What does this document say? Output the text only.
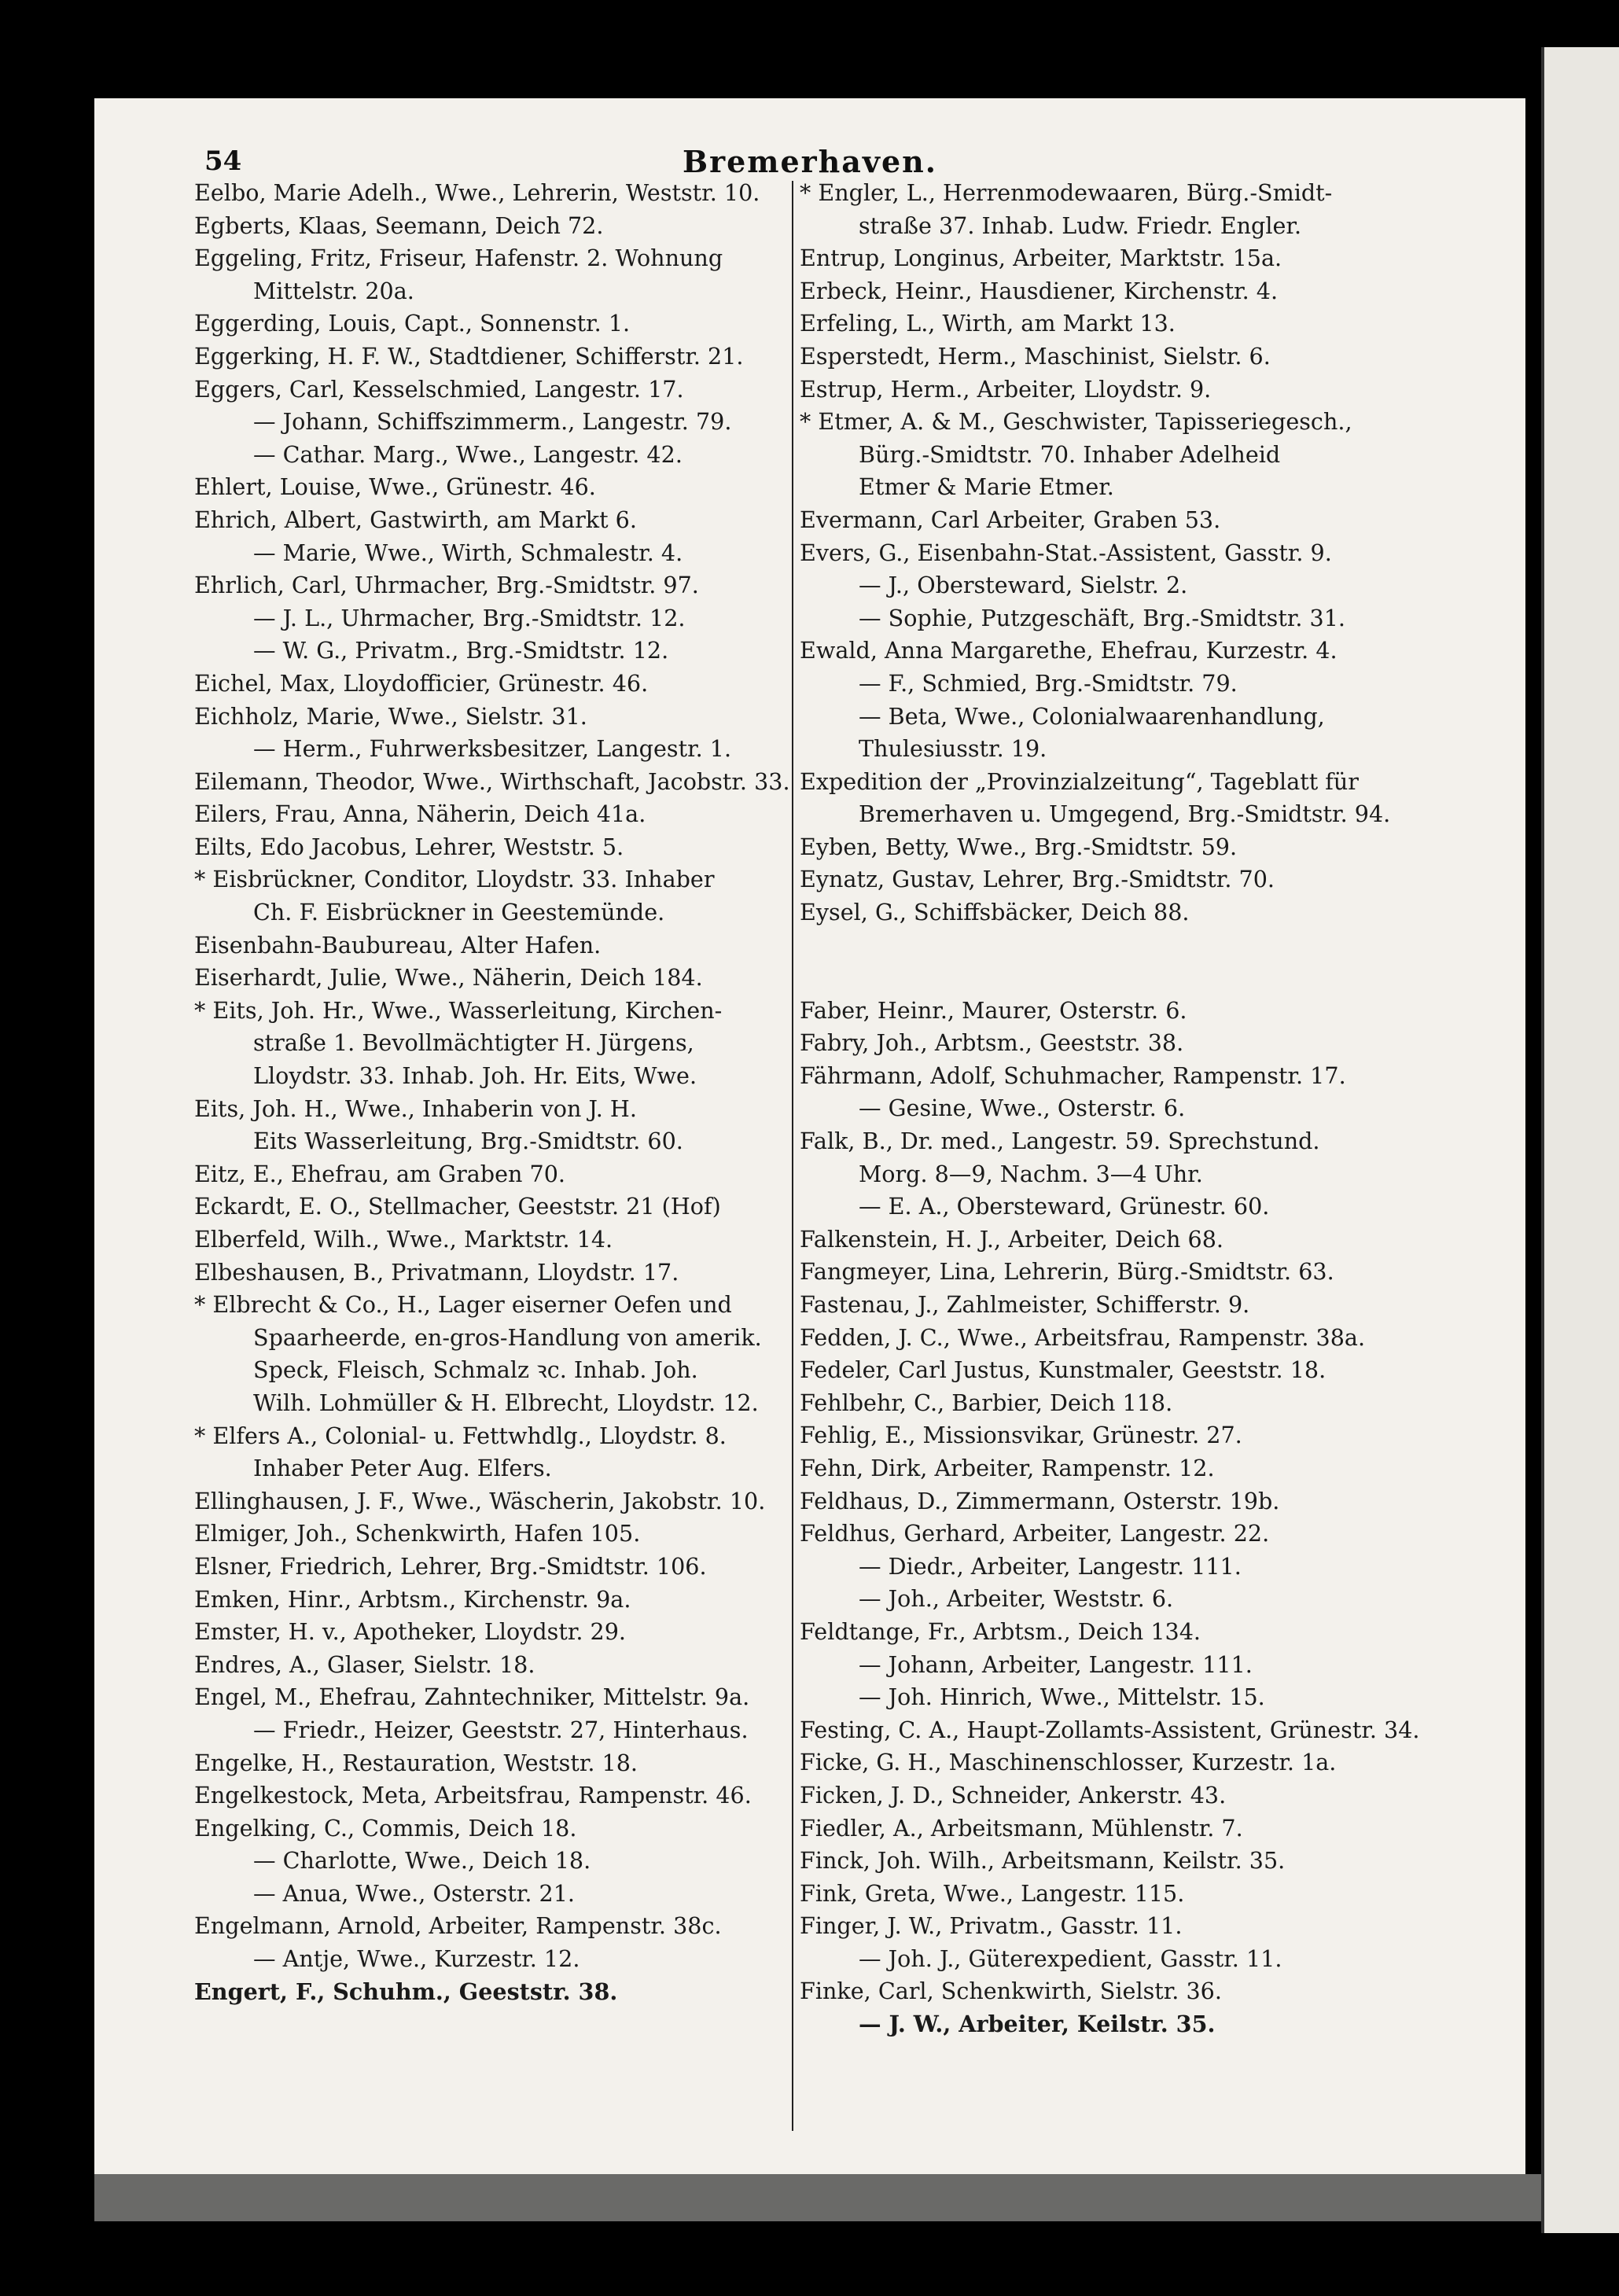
54	Bremerhaven.
Eelbo, Marie Adelh., Wwe., Lehrerin, Weststr. 10.
Egberts, Klaas, Seemann, Deich 72.
Eggeling, Fritz, Friseur, Hafenstr. 2. Wohnung
Mittelstr. 20a.
Eggerding, Louis, Capt., Sonnenstr. 1.
Eggerking, H. F. W., Stadtdiener, Schifferstr. 21.
Eggers, Carl, Kesselschmied, Langestr. 17.
— Johann, Schiffszimmerm., Langestr. 79.
— Cathar. Marg., Wwe., Langestr. 42.
Ehlert, Louise, Wwe., Grünestr. 46.
Ehrich, Albert, Gastwirth, am Markt 6.
— Marie, Wwe., Wirth, Schmalestr. 4.
Ehrlich, Carl, Uhrmacher, Brg.-Smidtstr. 97.
— J. L., Uhrmacher, Brg.-Smidtstr. 12.
— W. G., Privatm., Brg.-Smidtstr. 12.
Eichel, Max, Lloydofficier, Grünestr. 46.
Eichholz, Marie, Wwe., Sielstr. 31.
— Herm., Fuhrwerksbesitzer, Langestr. 1.
Eilemann, Theodor, Wwe., Wirthschaft, Jacobstr. 33.
Eilers, Frau, Anna, Näherin, Deich 41a.
Eilts, Edo Jacobus, Lehrer, Weststr. 5.
* Eisbrückner, Conditor, Lloydstr. 33. Inhaber
Ch. F. Eisbrückner in Geestemünde.
Eisenbahn-Baubureau, Alter Hafen.
Eiserhardt, Julie, Wwe., Näherin, Deich 184.
* Eits, Joh. Hr., Wwe., Wasserleitung, Kirchen-
straße 1. Bevollmächtigter H. Jürgens,
Lloydstr. 33. Inhab. Joh. Hr. Eits, Wwe.
Eits, Joh. H., Wwe., Inhaberin von J. H.
Eits Wasserleitung, Brg.-Smidtstr. 60.
Eitz, E., Ehefrau, am Graben 70.
Eckardt, E. O., Stellmacher, Geeststr. 21 (Hof)
Elberfeld, Wilh., Wwe., Marktstr. 14.
Elbeshausen, B., Privatmann, Lloydstr. 17.
* Elbrecht & Co., H., Lager eiserner Oefen und
Spaarheerde, en-gros-Handlung von amerik.
Speck, Fleisch, Schmalz ꝛc. Inhab. Joh.
Wilh. Lohmüller & H. Elbrecht, Lloydstr. 12.
* Elfers A., Colonial- u. Fettwhdlg., Lloydstr. 8.
Inhaber Peter Aug. Elfers.
Ellinghausen, J. F., Wwe., Wäscherin, Jakobstr. 10.
Elmiger, Joh., Schenkwirth, Hafen 105.
Elsner, Friedrich, Lehrer, Brg.-Smidtstr. 106.
Emken, Hinr., Arbtsm., Kirchenstr. 9a.
Emster, H. v., Apotheker, Lloydstr. 29.
Endres, A., Glaser, Sielstr. 18.
Engel, M., Ehefrau, Zahntechniker, Mittelstr. 9a.
— Friedr., Heizer, Geeststr. 27, Hinterhaus.
Engelke, H., Restauration, Weststr. 18.
Engelkestock, Meta, Arbeitsfrau, Rampenstr. 46.
Engelking, C., Commis, Deich 18.
— Charlotte, Wwe., Deich 18.
— Anua, Wwe., Osterstr. 21.
Engelmann, Arnold, Arbeiter, Rampenstr. 38c.
— Antje, Wwe., Kurzestr. 12.
Engert, F., Schuhm., Geeststr. 38.
* Engler, L., Herrenmodewaaren, Bürg.-Smidt-
straße 37. Inhab. Ludw. Friedr. Engler.
Entrup, Longinus, Arbeiter, Marktstr. 15a.
Erbeck, Heinr., Hausdiener, Kirchenstr. 4.
Erfeling, L., Wirth, am Markt 13.
Esperstedt, Herm., Maschinist, Sielstr. 6.
Estrup, Herm., Arbeiter, Lloydstr. 9.
* Etmer, A. & M., Geschwister, Tapisseriegesch.,
Bürg.-Smidtstr. 70. Inhaber Adelheid
Etmer & Marie Etmer.
Evermann, Carl Arbeiter, Graben 53.
Evers, G., Eisenbahn-Stat.-Assistent, Gasstr. 9.
— J., Obersteward, Sielstr. 2.
— Sophie, Putzgeschäft, Brg.-Smidtstr. 31.
Ewald, Anna Margarethe, Ehefrau, Kurzestr. 4.
— F., Schmied, Brg.-Smidtstr. 79.
— Beta, Wwe., Colonialwaarenhandlung,
Thulesiusstr. 19.
Expedition der „Provinzialzeitung“, Tageblatt für
Bremerhaven u. Umgegend, Brg.-Smidtstr. 94.
Eyben, Betty, Wwe., Brg.-Smidtstr. 59.
Eynatz, Gustav, Lehrer, Brg.-Smidtstr. 70.
Eysel, G., Schiffsbäcker, Deich 88.
Faber, Heinr., Maurer, Osterstr. 6.
Fabry, Joh., Arbtsm., Geeststr. 38.
Fährmann, Adolf, Schuhmacher, Rampenstr. 17.
— Gesine, Wwe., Osterstr. 6.
Falk, B., Dr. med., Langestr. 59. Sprechstund.
Morg. 8—9, Nachm. 3—4 Uhr.
— E. A., Obersteward, Grünestr. 60.
Falkenstein, H. J., Arbeiter, Deich 68.
Fangmeyer, Lina, Lehrerin, Bürg.-Smidtstr. 63.
Fastenau, J., Zahlmeister, Schifferstr. 9.
Fedden, J. C., Wwe., Arbeitsfrau, Rampenstr. 38a.
Fedeler, Carl Justus, Kunstmaler, Geeststr. 18.
Fehlbehr, C., Barbier, Deich 118.
Fehlig, E., Missionsvikar, Grünestr. 27.
Fehn, Dirk, Arbeiter, Rampenstr. 12.
Feldhaus, D., Zimmermann, Osterstr. 19b.
Feldhus, Gerhard, Arbeiter, Langestr. 22.
— Diedr., Arbeiter, Langestr. 111.
— Joh., Arbeiter, Weststr. 6.
Feldtange, Fr., Arbtsm., Deich 134.
— Johann, Arbeiter, Langestr. 111.
— Joh. Hinrich, Wwe., Mittelstr. 15.
Festing, C. A., Haupt-Zollamts-Assistent, Grünestr. 34.
Ficke, G. H., Maschinenschlosser, Kurzestr. 1a.
Ficken, J. D., Schneider, Ankerstr. 43.
Fiedler, A., Arbeitsmann, Mühlenstr. 7.
Finck, Joh. Wilh., Arbeitsmann, Keilstr. 35.
Fink, Greta, Wwe., Langestr. 115.
Finger, J. W., Privatm., Gasstr. 11.
— Joh. J., Güterexpedient, Gasstr. 11.
Finke, Carl, Schenkwirth, Sielstr. 36.
— J. W., Arbeiter, Keilstr. 35.
